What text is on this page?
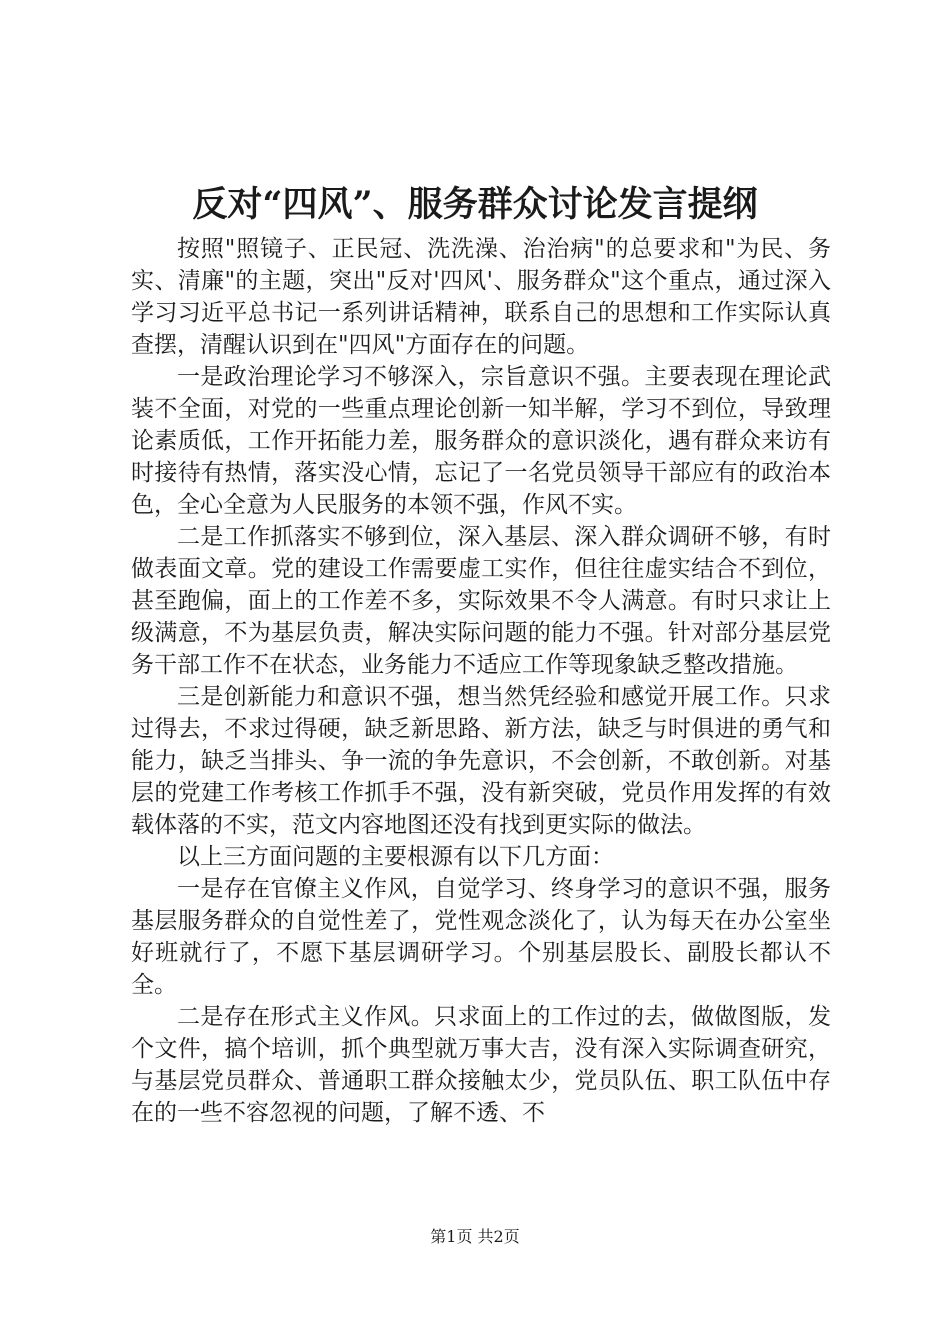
反对“四风”、服务群众讨论发言提纲

按照"照镜子、正民冠、洗洗澡、治治病"的总要求和"为民、务实、清廉"的主题，突出"反对'四风'、服务群众"这个重点，通过深入学习习近平总书记一系列讲话精神，联系自己的思想和工作实际认真查摆，清醒认识到在"四风"方面存在的问题。

一是政治理论学习不够深入，宗旨意识不强。主要表现在理论武装不全面，对党的一些重点理论创新一知半解，学习不到位，导致理论素质低，工作开拓能力差，服务群众的意识淡化，遇有群众来访有时接待有热情，落实没心情，忘记了一名党员领导干部应有的政治本色，全心全意为人民服务的本领不强，作风不实。

二是工作抓落实不够到位，深入基层、深入群众调研不够，有时做表面文章。党的建设工作需要虚工实作，但往往虚实结合不到位，甚至跑偏，面上的工作差不多，实际效果不令人满意。有时只求让上级满意，不为基层负责，解决实际问题的能力不强。针对部分基层党务干部工作不在状态，业务能力不适应工作等现象缺乏整改措施。

三是创新能力和意识不强，想当然凭经验和感觉开展工作。只求过得去，不求过得硬，缺乏新思路、新方法，缺乏与时俱进的勇气和能力，缺乏当排头、争一流的争先意识，不会创新，不敢创新。对基层的党建工作考核工作抓手不强，没有新突破，党员作用发挥的有效载体落的不实，范文内容地图还没有找到更实际的做法。

以上三方面问题的主要根源有以下几方面：

一是存在官僚主义作风，自觉学习、终身学习的意识不强，服务基层服务群众的自觉性差了，党性观念淡化了，认为每天在办公室坐好班就行了，不愿下基层调研学习。个别基层股长、副股长都认不全。

二是存在形式主义作风。只求面上的工作过的去，做做图版，发个文件，搞个培训，抓个典型就万事大吉，没有深入实际调查研究，与基层党员群众、普通职工群众接触太少，党员队伍、职工队伍中存在的一些不容忽视的问题，了解不透、不

第1页 共2页
